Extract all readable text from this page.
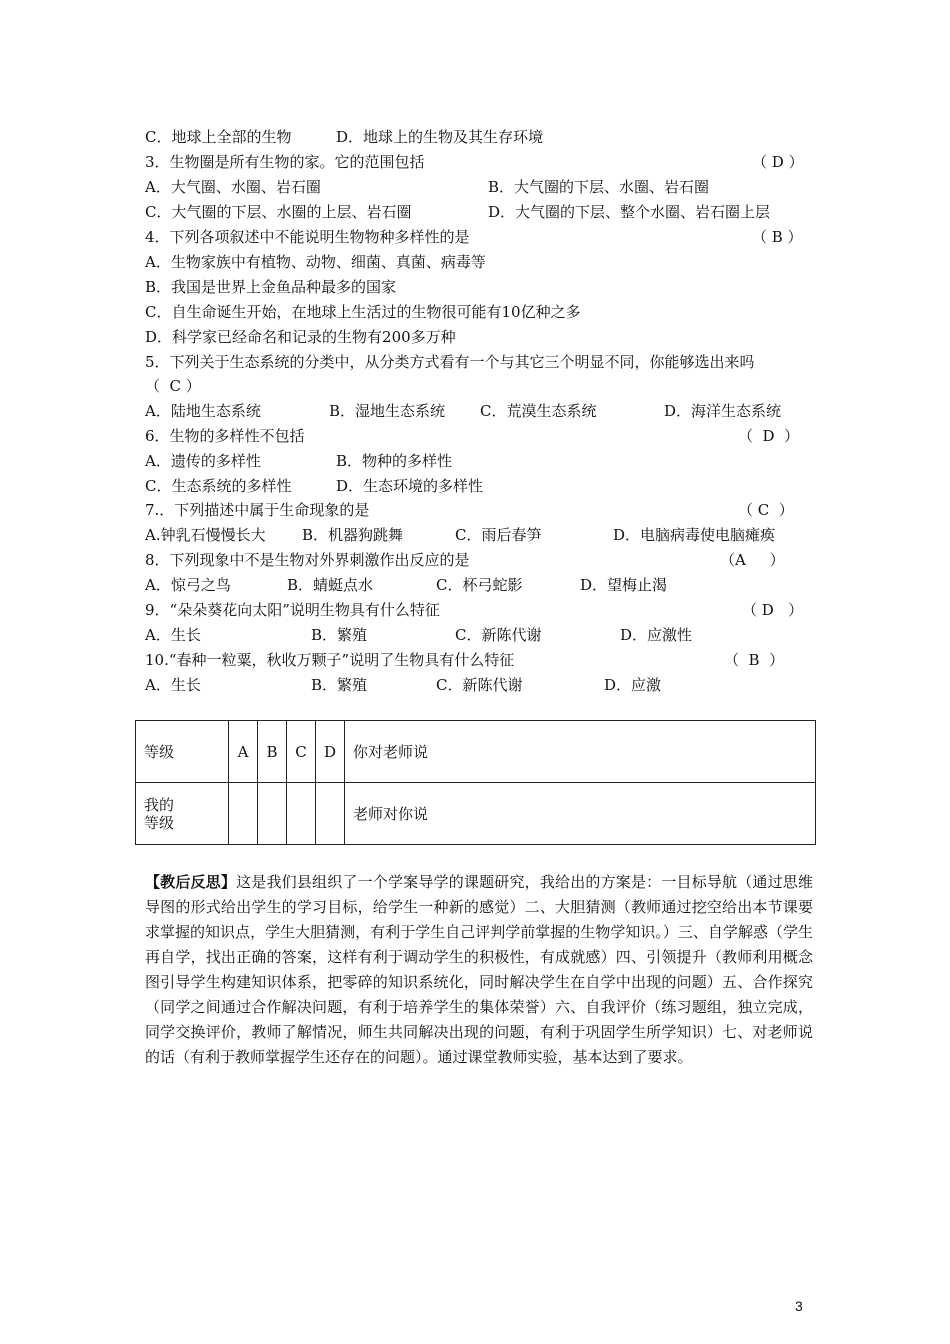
C．地球上全部的生物	D．地球上的生物及其生存环境
3．生物圈是所有生物的家。它的范围包括	（ D ）
A．大气圈、水圈、岩石圈	B．大气圈的下层、水圈、岩石圈
C．大气圈的下层、水圈的上层、岩石圈	D．大气圈的下层、整个水圈、岩石圈上层
4．下列各项叙述中不能说明生物物种多样性的是	（ B ）
A．生物家族中有植物、动物、细菌、真菌、病毒等
B．我国是世界上金鱼品种最多的国家
C．自生命诞生开始，在地球上生活过的生物很可能有10亿种之多
D．科学家已经命名和记录的生物有200多万种
5．下列关于生态系统的分类中，从分类方式看有一个与其它三个明显不同，你能够选出来吗
（  C ）
A．陆地生态系统	B．湿地生态系统 C．荒漠生态系统	D．海洋生态系统
6．生物的多样性不包括	（  D  ）
A．遗传的多样性	B．物种的多样性
C．生态系统的多样性	D．生态环境的多样性
7.．下列描述中属于生命现象的是	（ C  ）
A.钟乳石慢慢长大 B．机器狗跳舞	C．雨后春笋	D．电脑病毒使电脑瘫痪
8．下列现象中不是生物对外界刺激作出反应的是	（A     ）
A．惊弓之鸟	B．蜻蜓点水	C．杯弓蛇影	D．望梅止渴
9．“朵朵葵花向太阳”说明生物具有什么特征	（ D   ）
A．生长	B．繁殖	C．新陈代谢	D．应激性
10.“春种一粒粟，秋收万颗子”说明了生物具有什么特征	（  B  ）
A．生长	B．繁殖	C．新陈代谢	D．应激
等级	A	B	C	D	你对老师说
我的
等级					老师对你说
【教后反思】这是我们县组织了一个学案导学的课题研究，我给出的方案是：一目标导航（通过思维导图的形式给出学生的学习目标，给学生一种新的感觉）二、大胆猜测（教师通过挖空给出本节课要求掌握的知识点，学生大胆猜测，有利于学生自己评判学前掌握的生物学知识。）三、自学解惑（学生再自学，找出正确的答案，这样有利于调动学生的积极性，有成就感）四、引领提升（教师利用概念图引导学生构建知识体系，把零碎的知识系统化，同时解决学生在自学中出现的问题）五、合作探究（同学之间通过合作解决问题，有利于培养学生的集体荣誉）六、自我评价（练习题组，独立完成，同学交换评价，教师了解情况，师生共同解决出现的问题，有利于巩固学生所学知识）七、对老师说的话（有利于教师掌握学生还存在的问题）。通过课堂教师实验，基本达到了要求。
3
